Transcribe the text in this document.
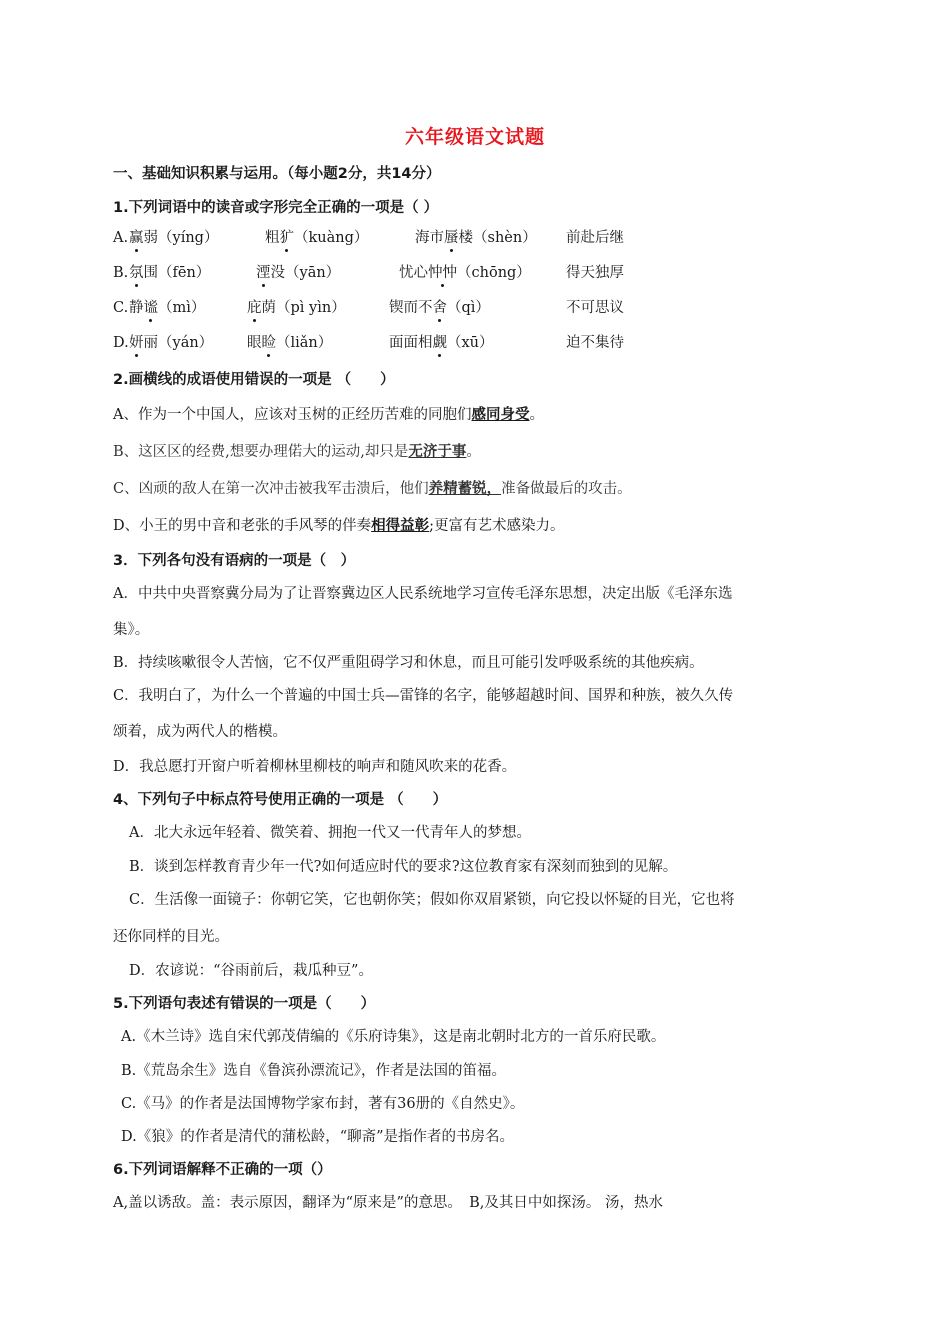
六年级语文试题
一、基础知识积累与运用。（每小题2分，共14分）
1.下列词语中的读音或字形完全正确的一项是（ ）
A. 赢弱（yíng）	粗犷（kuàng）	海市蜃楼（shèn） 前赴后继
B. 氛围（fēn）	湮没（yān）	忧心忡忡（chōng） 得天独厚
C. 静谧（mì）	庇荫（pì yìn）	锲而不舍（qì）	不可思议
D. 妍丽（yán） 眼睑（liǎn）	面面相觑（xū）	迫不集待
2.画横线的成语使用错误的一项是 （　　）
A、作为一个中国人，应该对玉树的正经历苦难的同胞们感同身受。
B、这区区的经费,想要办理偌大的运动,却只是无济于事。
C、凶顽的敌人在第一次冲击被我军击溃后，他们养精蓄锐，准备做最后的攻击。
D、小王的男中音和老张的手风琴的伴奏相得益彰;更富有艺术感染力。
3．下列各句没有语病的一项是（　）
A．中共中央晋察冀分局为了让晋察冀边区人民系统地学习宣传毛泽东思想，决定出版《毛泽东选
集》。
B．持续咳嗽很令人苦恼，它不仅严重阻碍学习和休息，而且可能引发呼吸系统的其他疾病。
C．我明白了，为什么一个普遍的中国士兵—雷锋的名字，能够超越时间、国界和种族，被久久传
颂着，成为两代人的楷模。
D．我总愿打开窗户听着柳林里柳枝的响声和随风吹来的花香。
4、下列句子中标点符号使用正确的一项是 （　　）
A．北大永远年轻着、微笑着、拥抱一代又一代青年人的梦想。
B．谈到怎样教育青少年一代?如何适应时代的要求?这位教育家有深刻而独到的见解。
C．生活像一面镜子：你朝它笑，它也朝你笑；假如你双眉紧锁，向它投以怀疑的目光，它也将
还你同样的目光。
D．农谚说：“谷雨前后，栽瓜种豆”。
5.下列语句表述有错误的一项是（　　）
A.《木兰诗》选自宋代郭茂倩编的《乐府诗集》，这是南北朝时北方的一首乐府民歌。
B.《荒岛余生》选自《鲁滨孙漂流记》，作者是法国的笛福。
C.《马》的作者是法国博物学家布封，著有36册的《自然史》。
D.《狼》的作者是清代的蒲松龄，“聊斋”是指作者的书房名。
6.下列词语解释不正确的一项（）
A,盖以诱敌。盖：表示原因，翻译为“原来是”的意思。　B,及其日中如探汤。 汤，热水
